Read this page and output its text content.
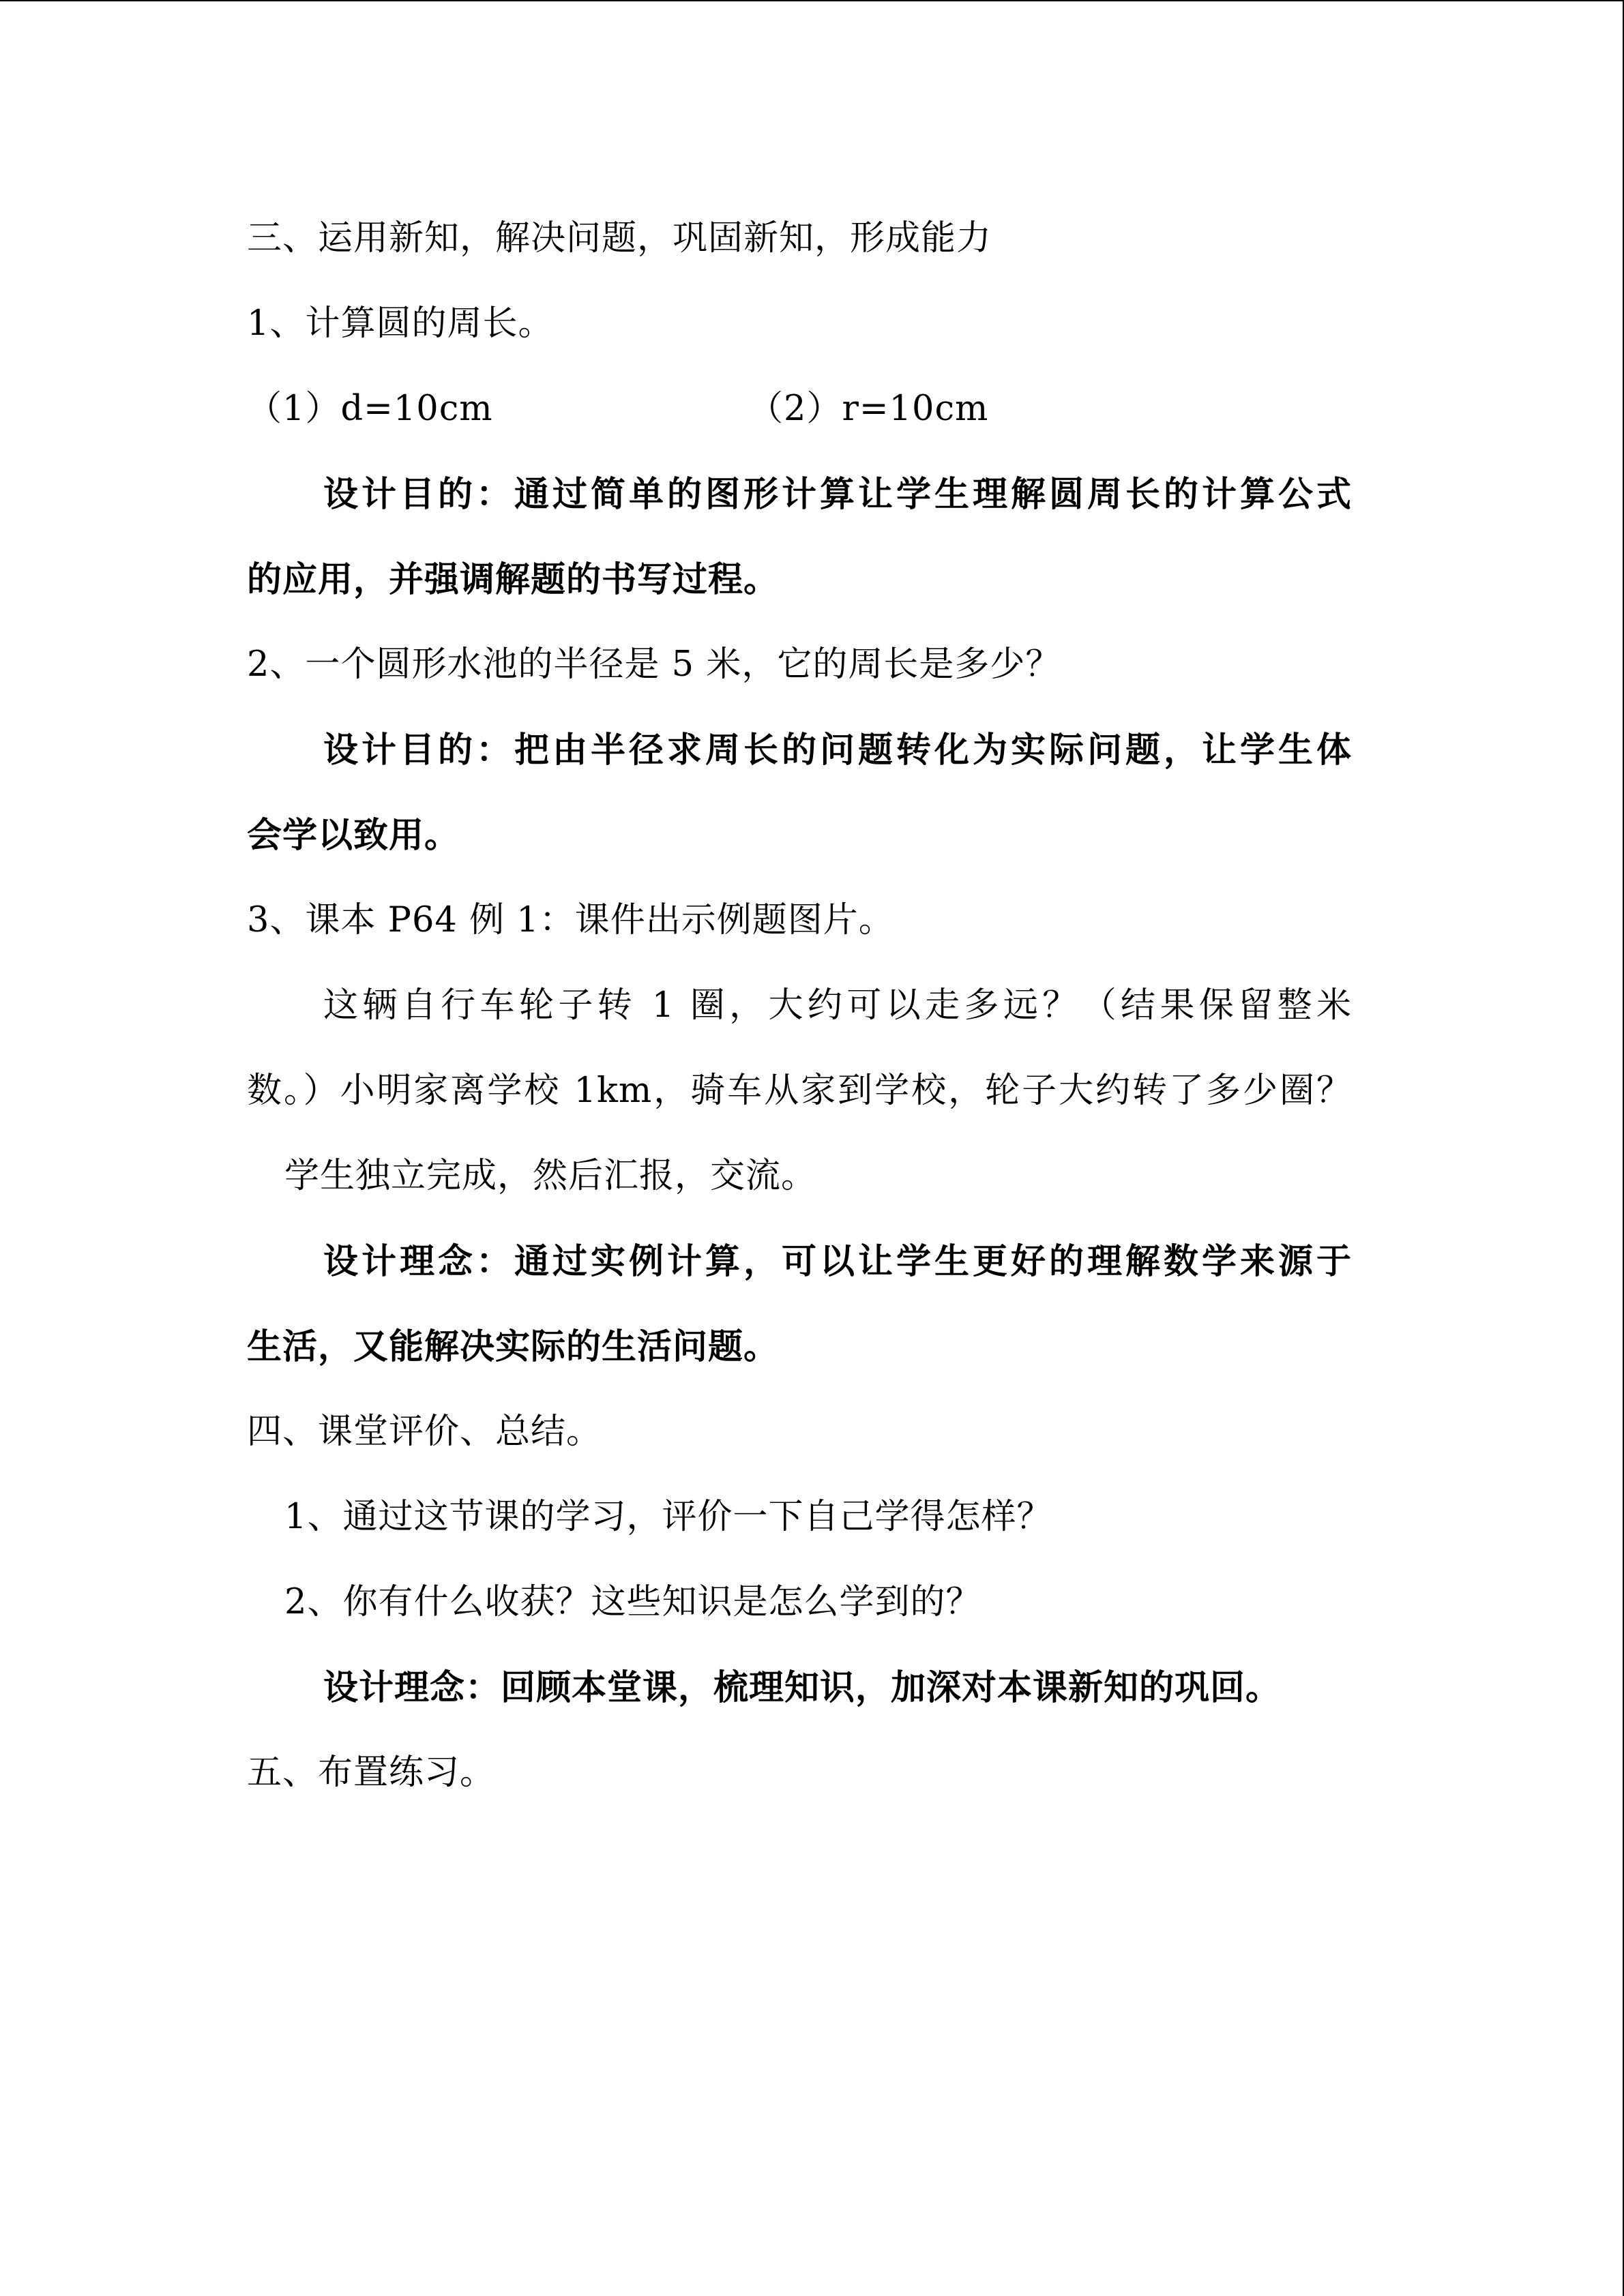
三、运用新知，解决问题，巩固新知，形成能力
1、计算圆的周长。
（1）d=10cm	（2）r=10cm
设计目的：通过简单的图形计算让学生理解圆周长的计算公式
的应用，并强调解题的书写过程。
2、一个圆形水池的半径是 5 米，它的周长是多少？
设计目的：把由半径求周长的问题转化为实际问题，让学生体
会学以致用。
3、课本 P64 例 1：课件出示例题图片。
这辆自行车轮子转 1 圈，大约可以走多远？（结果保留整米
数。）小明家离学校 1km，骑车从家到学校，轮子大约转了多少圈？
学生独立完成，然后汇报，交流。
设计理念：通过实例计算，可以让学生更好的理解数学来源于
生活，又能解决实际的生活问题。
四、课堂评价、总结。
1、通过这节课的学习，评价一下自己学得怎样？
2、你有什么收获？这些知识是怎么学到的？
设计理念：回顾本堂课，梳理知识，加深对本课新知的巩回。
五、布置练习。
